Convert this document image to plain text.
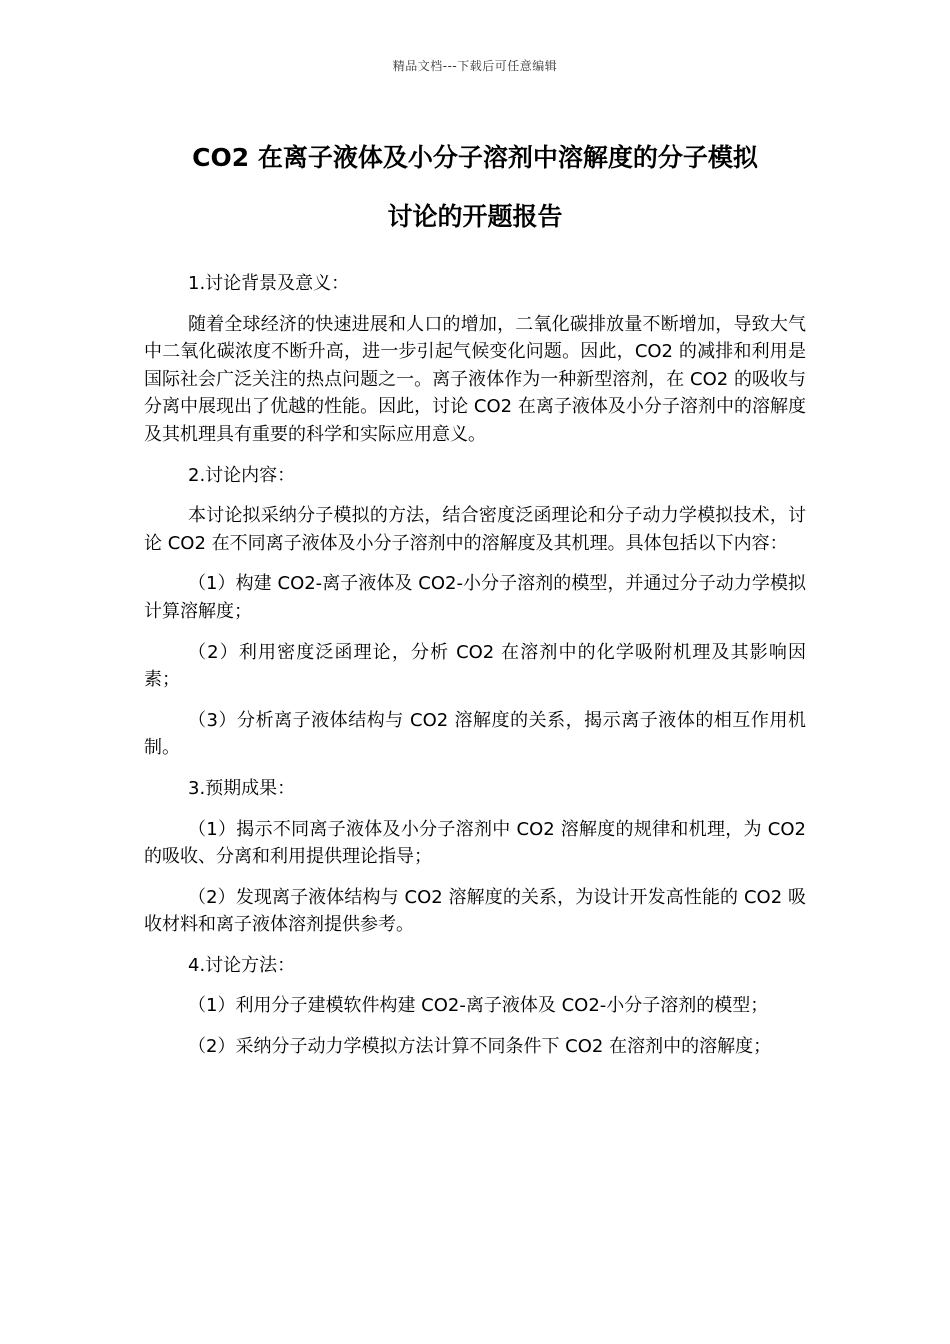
精品文档---下载后可任意编辑
CO2 在离子液体及小分子溶剂中溶解度的分子模拟
讨论的开题报告

1.讨论背景及意义：

随着全球经济的快速进展和人口的增加，二氧化碳排放量不断增加，导致大气中二氧化碳浓度不断升高，进一步引起气候变化问题。因此，CO2 的减排和利用是国际社会广泛关注的热点问题之一。离子液体作为一种新型溶剂，在 CO2 的吸收与分离中展现出了优越的性能。因此，讨论 CO2 在离子液体及小分子溶剂中的溶解度及其机理具有重要的科学和实际应用意义。

2.讨论内容：

本讨论拟采纳分子模拟的方法，结合密度泛函理论和分子动力学模拟技术，讨论 CO2 在不同离子液体及小分子溶剂中的溶解度及其机理。具体包括以下内容：

（1）构建 CO2-离子液体及 CO2-小分子溶剂的模型，并通过分子动力学模拟计算溶解度；

（2）利用密度泛函理论，分析 CO2 在溶剂中的化学吸附机理及其影响因素；

（3）分析离子液体结构与 CO2 溶解度的关系，揭示离子液体的相互作用机制。

3.预期成果：

（1）揭示不同离子液体及小分子溶剂中 CO2 溶解度的规律和机理，为 CO2 的吸收、分离和利用提供理论指导；

（2）发现离子液体结构与 CO2 溶解度的关系，为设计开发高性能的 CO2 吸收材料和离子液体溶剂提供参考。

4.讨论方法：

（1）利用分子建模软件构建 CO2-离子液体及 CO2-小分子溶剂的模型；

（2）采纳分子动力学模拟方法计算不同条件下 CO2 在溶剂中的溶解度；
